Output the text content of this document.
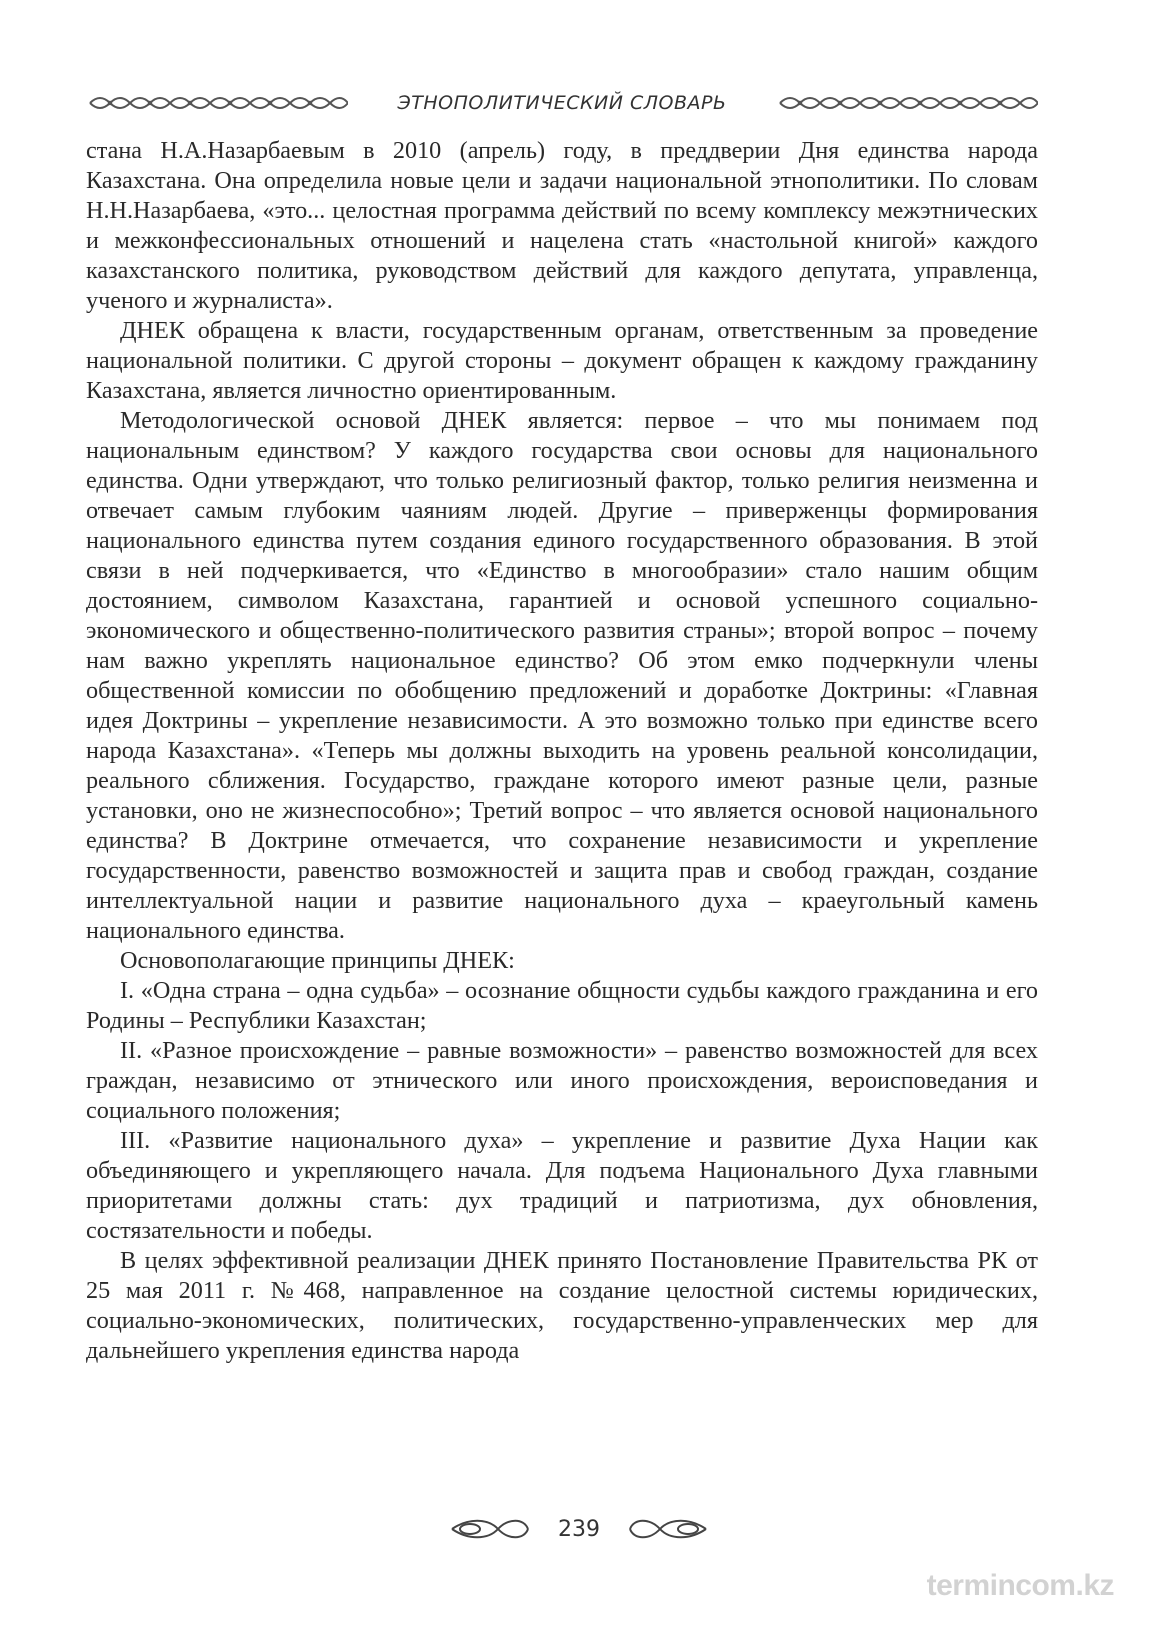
ЭТНОПОЛИТИЧЕСКИЙ СЛОВАРЬ

стана Н.А.Назарбаевым в 2010 (апрель) году, в преддверии Дня единства народа Казахстана. Она определила новые цели и задачи национальной этнополитики. По словам Н.Н.Назарбаева, «это... целостная программа действий по всему комплексу межэтнических и межконфессиональных отношений и нацелена стать «настольной книгой» каждого казахстанского политика, руководством действий для каждого депутата, управленца, ученого и журналиста».

ДНЕК обращена к власти, государственным органам, ответственным за проведение национальной политики. С другой стороны – документ обращен к каждому гражданину Казахстана, является личностно ориентированным.

Методологической основой ДНЕК является: первое – что мы понимаем под национальным единством? У каждого государства свои основы для национального единства. Одни утверждают, что только религиозный фактор, только религия неизменна и отвечает самым глубоким чаяниям людей. Другие – приверженцы формирования национального единства путем создания единого государственного образования. В этой связи в ней подчеркивается, что «Единство в многообразии» стало нашим общим достоянием, символом Казахстана, гарантией и основой успешного социально-экономического и общественно-политического развития страны»; второй вопрос – почему нам важно укреплять национальное единство? Об этом емко подчеркнули члены общественной комиссии по обобщению предложений и доработке Доктрины: «Главная идея Доктрины – укрепление независимости. А это возможно только при единстве всего народа Казахстана». «Теперь мы должны выходить на уровень реальной консолидации, реального сближения. Государство, граждане которого имеют разные цели, разные установки, оно не жизнеспособно»; Третий вопрос – что является основой национального единства? В Доктрине отмечается, что сохранение независимости и укрепление государственности, равенство возможностей и защита прав и свобод граждан, создание интеллектуальной нации и развитие национального духа – краеугольный камень национального единства.

Основополагающие принципы ДНЕК:

I. «Одна страна – одна судьба» – осознание общности судьбы каждого гражданина и его Родины – Республики Казахстан;

II. «Разное происхождение – равные возможности» – равенство возможностей для всех граждан, независимо от этнического или иного происхождения, вероисповедания и социального положения;

III. «Развитие национального духа» – укрепление и развитие Духа Нации как объединяющего и укрепляющего начала. Для подъема Национального Духа главными приоритетами должны стать: дух традиций и патриотизма, дух обновления, состязательности и победы.

В целях эффективной реализации ДНЕК принято Постановление Правительства РК от 25 мая 2011 г. №468, направленное на создание целостной системы юридических, социально-экономических, политических, государственно-управленческих мер для дальнейшего укрепления единства народа

239
termincom.kz
